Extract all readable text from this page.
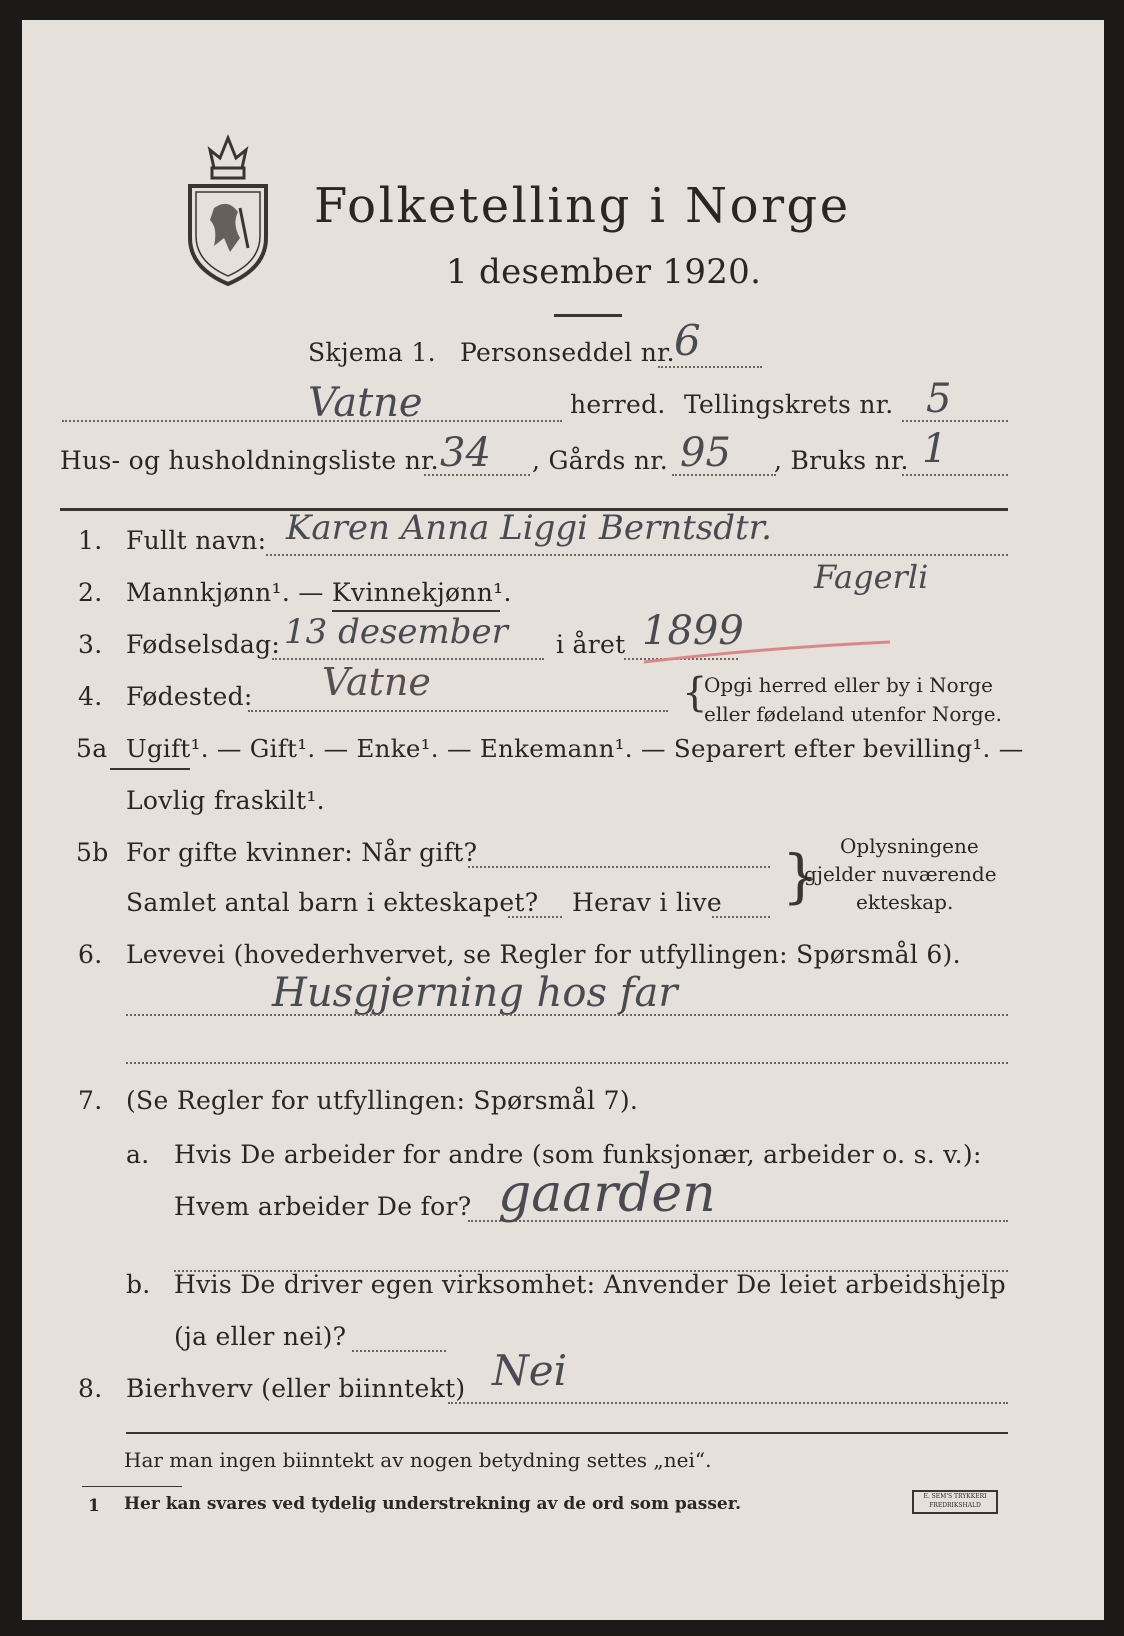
Folketelling i Norge
1 desember 1920.
Skjema 1. Personseddel nr. 6
Vatne	herred. Tellingskrets nr. 5
Hus- og husholdningsliste nr. 34 , Gårds nr. 95 , Bruks nr. 1
1. Fullt navn: Karen Anna Liggi Berntsdtr.
Fagerli
2. Mannkjønn¹. — Kvinnekjønn¹.
3. Fødselsdag: 13 desember i året 1899
4. Fødested: Vatne	{
Opgi herred eller by i Norge
eller fødeland utenfor Norge.
5a Ugift¹. — Gift¹. — Enke¹. — Enkemann¹. — Separert efter bevilling¹. —
Lovlig fraskilt¹.
5b For gifte kvinner: Når gift?
Samlet antal barn i ekteskapet? Herav i live } Oplysningene
gjelder nuværende
ekteskap.
6. Levevei (hovederhvervet, se Regler for utfyllingen: Spørsmål 6).
Husgjerning hos far
7. (Se Regler for utfyllingen: Spørsmål 7).
a. Hvis De arbeider for andre (som funksjonær, arbeider o. s. v.):
Hvem arbeider De for? gaarden
b. Hvis De driver egen virksomhet: Anvender De leiet arbeidshjelp
(ja eller nei)?
8. Bierhverv (eller biinntekt) Nei
Har man ingen biinntekt av nogen betydning settes „nei“.
1 Her kan svares ved tydelig understrekning av de ord som passer.	E. SEM'S TRYKKERI FREDRIKSHALD
